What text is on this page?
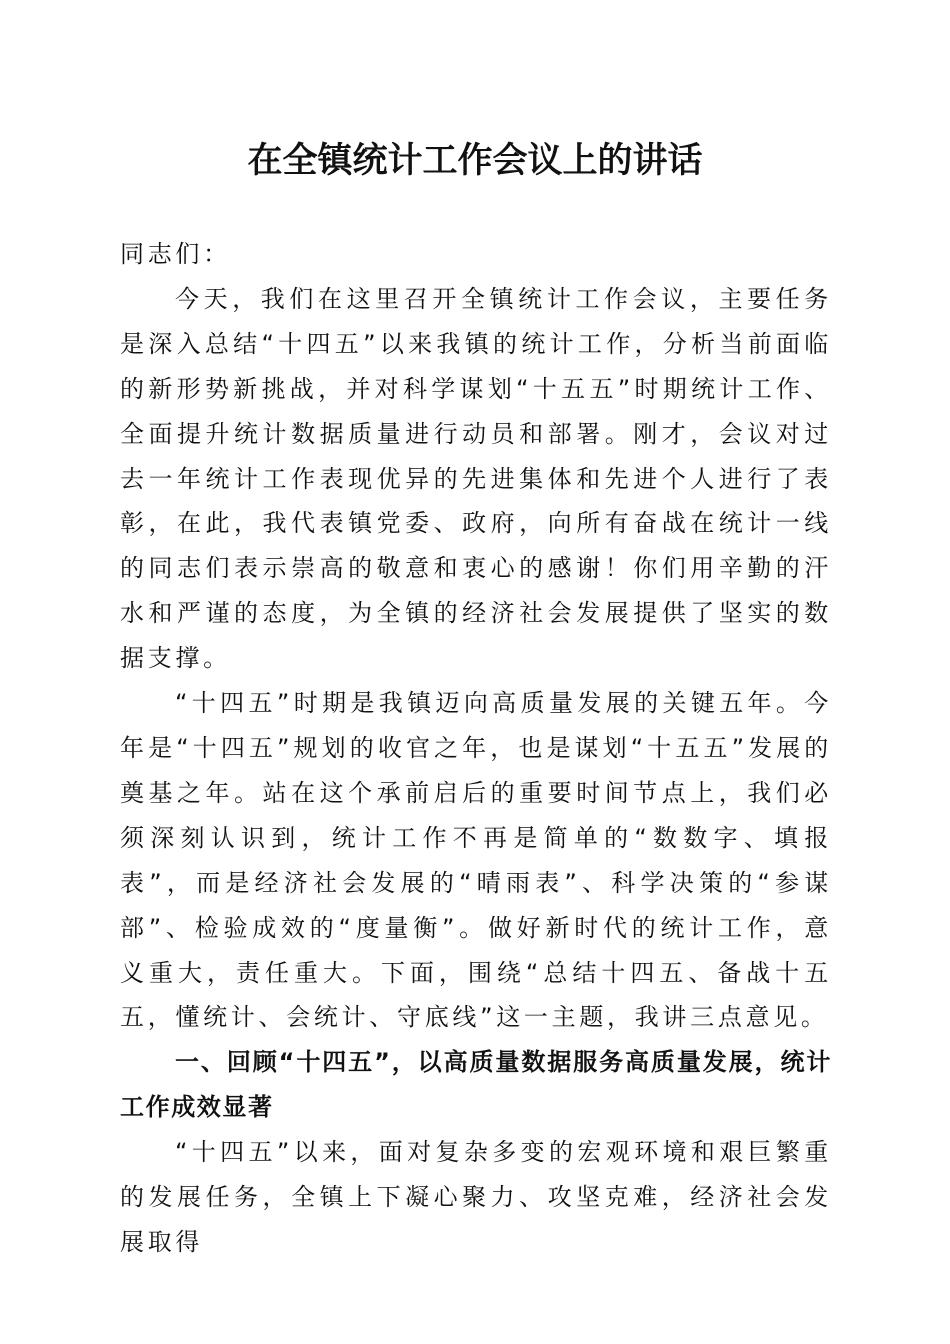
在全镇统计工作会议上的讲话

同志们：

今天，我们在这里召开全镇统计工作会议，主要任务是深入总结“十四五”以来我镇的统计工作，分析当前面临的新形势新挑战，并对科学谋划“十五五”时期统计工作、全面提升统计数据质量进行动员和部署。刚才，会议对过去一年统计工作表现优异的先进集体和先进个人进行了表彰，在此，我代表镇党委、政府，向所有奋战在统计一线的同志们表示崇高的敬意和衷心的感谢！你们用辛勤的汗水和严谨的态度，为全镇的经济社会发展提供了坚实的数据支撑。

“十四五”时期是我镇迈向高质量发展的关键五年。今年是“十四五”规划的收官之年，也是谋划“十五五”发展的奠基之年。站在这个承前启后的重要时间节点上，我们必须深刻认识到，统计工作不再是简单的“数数字、填报表”，而是经济社会发展的“晴雨表”、科学决策的“参谋部”、检验成效的“度量衡”。做好新时代的统计工作，意义重大，责任重大。下面，围绕“总结十四五、备战十五五，懂统计、会统计、守底线”这一主题，我讲三点意见。

一、回顾“十四五”，以高质量数据服务高质量发展，统计工作成效显著

“十四五”以来，面对复杂多变的宏观环境和艰巨繁重的发展任务，全镇上下凝心聚力、攻坚克难，经济社会发展取得
